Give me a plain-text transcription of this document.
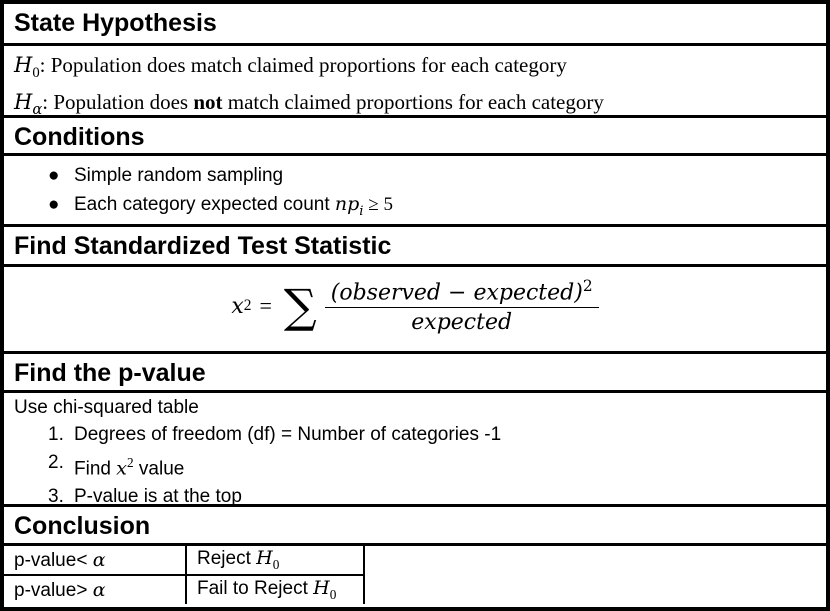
State Hypothesis
$H_0$: Population does match claimed proportions for each category
$H_\alpha$: Population does not match claimed proportions for each category
Conditions
● Simple random sampling
● Each category expected count $np_i \ge 5$
Find Standardized Test Statistic
x 2 = ∑ $\frac{(observed - expected)^2}{\text{expected}}$
Find the p-value
Use chi-squared table
1. Degrees of freedom (df) = Number of categories -1
2. Find $x^2$ value
3. P-value is at the top
Conclusion
p-value< α	Reject $H_0$
p-value> α	Fail to Reject $H_0$
